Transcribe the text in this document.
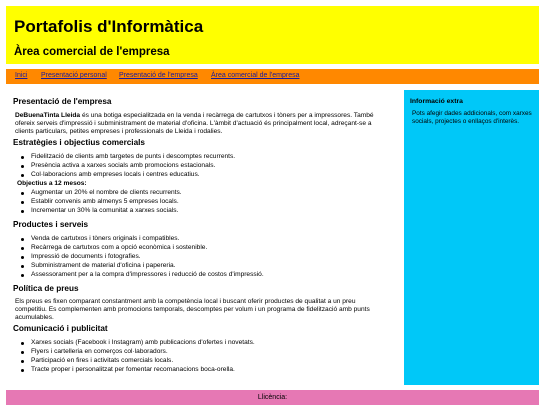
Portafolis d'Informàtica
Àrea comercial de l'empresa
Inici Presentació personal Presentació de l'empresa Àrea comercial de l'empresa
Presentació de l'empresa

DeBuenaTinta Lleida és una botiga especialitzada en la venda i recàrrega de cartutxos i tòners per a impressores. També ofereix serveis d'impressió i subministrament de material d'oficina. L'àmbit d'actuació és principalment local, adreçant-se a clients particulars, petites empreses i professionals de Lleida i rodalies.

Estratègies i objectius comercials
Fidelització de clients amb targetes de punts i descomptes recurrents.
Presència activa a xarxes socials amb promocions estacionals.
Col·laboracions amb empreses locals i centres educatius.
Objectius a 12 mesos:
Augmentar un 20% el nombre de clients recurrents.
Establir convenis amb almenys 5 empreses locals.
Incrementar un 30% la comunitat a xarxes socials.
Productes i serveis
Venda de cartutxos i tòners originals i compatibles.
Recàrrega de cartutxos com a opció econòmica i sostenible.
Impressió de documents i fotografies.
Subministrament de material d'oficina i papereria.
Assessorament per a la compra d'impressores i reducció de costos d'impressió.
Política de preus

Els preus es fixen comparant constantment amb la competència local i buscant oferir productes de qualitat a un preu competitiu. Es complementen amb promocions temporals, descomptes per volum i un programa de fidelització amb punts acumulables.

Comunicació i publicitat
Xarxes socials (Facebook i Instagram) amb publicacions d'ofertes i novetats.
Flyers i cartelleria en comerços col·laboradors.
Participació en fires i activitats comercials locals.
Tracte proper i personalitzat per fomentar recomanacions boca-orella.
Informació extra
Pots afegir dades addicionals, com xarxes socials, projectes o enllaços d'interès.
Llicència:
